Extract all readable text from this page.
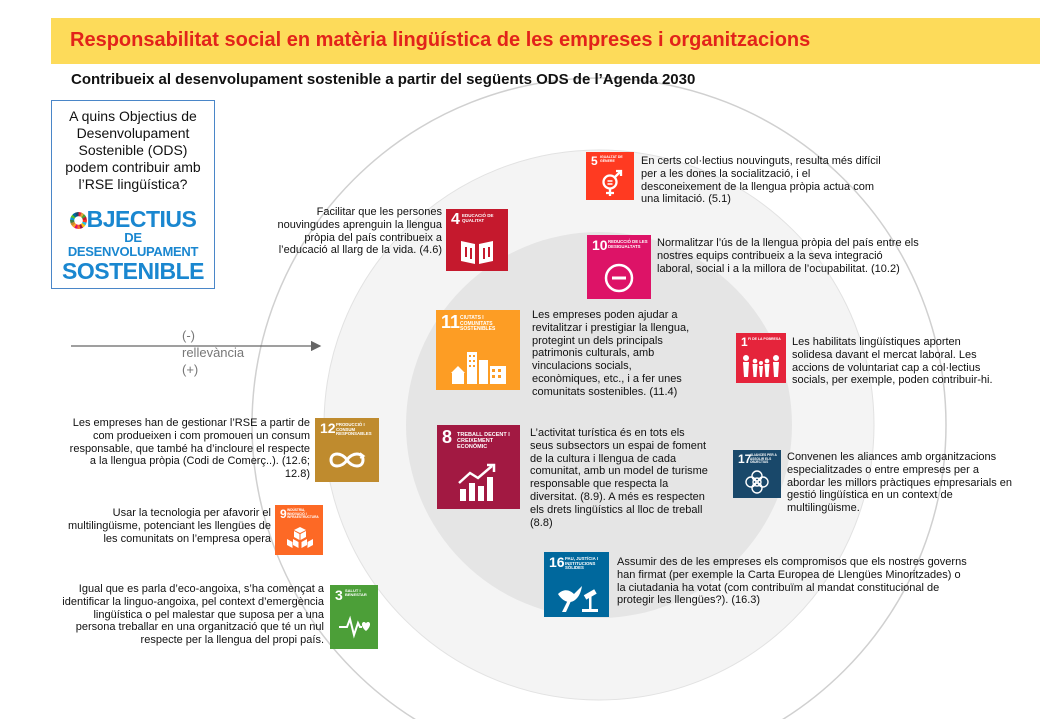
Responsabilitat social en matèria lingüística de les empreses i organitzacions
Contribueix al desenvolupament sostenible a partir del següents ODS de l’Agenda 2030
A quins Objectius de Desenvolupament Sostenible (ODS) podem contribuir amb l’RSE lingüística?
BJECTIUS
DE DESENVOLUPAMENT
SOSTENIBLE
(-)
rellevància
(+)
3 SALUT I BENESTAR
Igual que es parla d’eco-angoixa, s’ha començat a identificar la linguo-angoixa, pel context d’emergència lingüística o pel malestar que suposa per a una persona treballar en una organització que té un nul respecte per la llengua del propi país.
4 EDUCACIÓ DE QUALITAT
Facilitar que les persones nouvingudes aprenguin la llengua pròpia del país contribueix a l’educació al llarg de la vida. (4.6)
5 IGUALTAT DE GÈNERE	En certs col·lectius nouvinguts, resulta més difícil per a les dones la socialització, i el desconeixement de la llengua pròpia actua com una limitació. (5.1)
10 REDUCCIÓ DE LES DESIGUALTATS	Normalitzar l’ús de la llengua pròpia del país entre els nostres equips contribueix a la seva integració laboral, social i a la millora de l’ocupabilitat. (10.2)
11 CIUTATS I COMUNITATS SOSTENIBLES
Les empreses poden ajudar a revitalitzar i prestigiar la llengua, protegint un dels principals patrimonis culturals, amb vinculacions socials, econòmiques, etc., i a fer unes comunitats sostenibles. (11.4)
1 FI DE LA POBRESA Les habilitats lingüístiques aporten solidesa davant el mercat laboral. Les accions de voluntariat cap a col·lectius socials, per exemple, poden contribuir-hi.
12 PRODUCCIÓ I CONSUM RESPONSABLES
Les empreses han de gestionar l’RSE a partir de com produeixen i com promouen un consum responsable, que també ha d’incloure el respecte a la llengua pròpia (Codi de Comerç..). (12.6; 12.8)
8 TREBALL DECENT I CREIXEMENT ECONÒMIC
L’activitat turística és en tots els seus subsectors un espai de foment de la cultura i llengua de cada comunitat, amb un model de turisme responsable que respecta la diversitat. (8.9). A més es respecten els drets lingüístics al lloc de treball (8.8)
17
ALIANCES PER A ASSOLIR ELS OBJECTIUS	Convenen les aliances amb organitzacions especialitzades o entre empreses per a abordar les millors pràctiques empresarials en gestió lingüística en un context de multilingüisme.
9 INDÚSTRIA, INNOVACIÓ I INFRAESTRUCTURA
Usar la tecnologia per afavorir el multilingüisme, potenciant les llengües de les comunitats on l’empresa opera
16 PAU, JUSTÍCIA I INSTITUCIONS SÒLIDES	Assumir des de les empreses els compromisos que els nostres governs han firmat (per exemple la Carta Europea de Llengües Minoritzades) o la ciutadania ha votat (com contribuïm al mandat constitucional de protegir les llengües?). (16.3)
